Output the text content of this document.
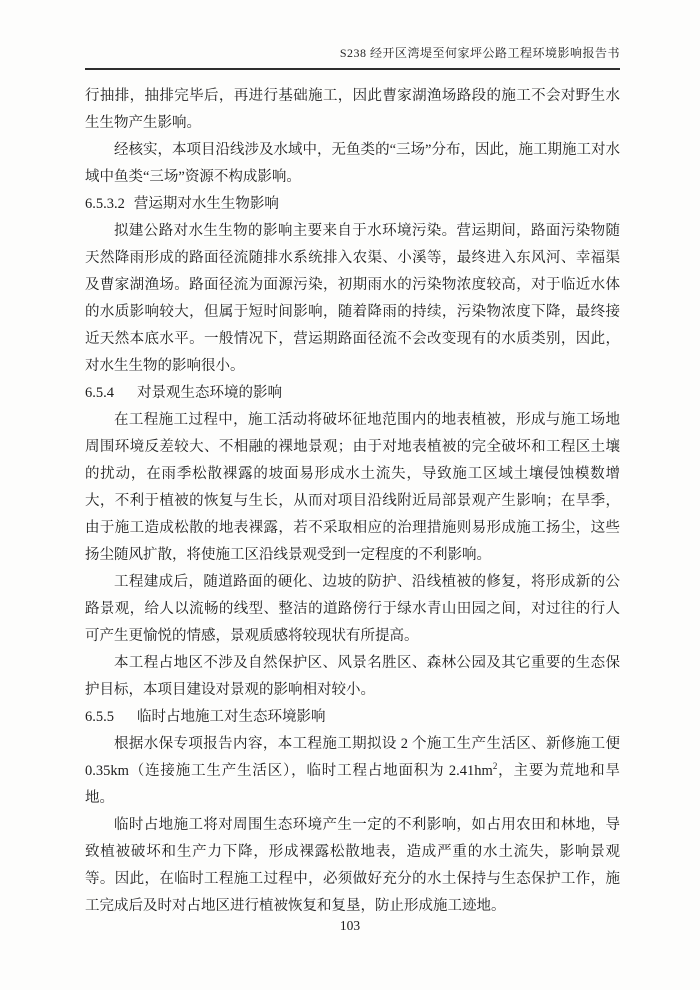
S238 经开区湾堤至何家坪公路工程环境影响报告书

行抽排，抽排完毕后，再进行基础施工，因此曹家湖渔场路段的施工不会对野生水生生物产生影响。

经核实，本项目沿线涉及水域中，无鱼类的“三场”分布，因此，施工期施工对水域中鱼类“三场”资源不构成影响。

6.5.3.2 营运期对水生生物影响

拟建公路对水生生物的影响主要来自于水环境污染。营运期间，路面污染物随天然降雨形成的路面径流随排水系统排入农渠、小溪等，最终进入东风河、幸福渠及曹家湖渔场。路面径流为面源污染，初期雨水的污染物浓度较高，对于临近水体的水质影响较大，但属于短时间影响，随着降雨的持续，污染物浓度下降，最终接近天然本底水平。一般情况下，营运期路面径流不会改变现有的水质类别，因此，对水生生物的影响很小。

6.5.4 对景观生态环境的影响

在工程施工过程中，施工活动将破坏征地范围内的地表植被，形成与施工场地周围环境反差较大、不相融的裸地景观；由于对地表植被的完全破坏和工程区土壤的扰动，在雨季松散裸露的坡面易形成水土流失，导致施工区域土壤侵蚀模数增大，不利于植被的恢复与生长，从而对项目沿线附近局部景观产生影响；在旱季，由于施工造成松散的地表裸露，若不采取相应的治理措施则易形成施工扬尘，这些扬尘随风扩散，将使施工区沿线景观受到一定程度的不利影响。

工程建成后，随道路面的硬化、边坡的防护、沿线植被的修复，将形成新的公路景观，给人以流畅的线型、整洁的道路傍行于绿水青山田园之间，对过往的行人可产生更愉悦的情感，景观质感将较现状有所提高。

本工程占地区不涉及自然保护区、风景名胜区、森林公园及其它重要的生态保护目标，本项目建设对景观的影响相对较小。

6.5.5 临时占地施工对生态环境影响

根据水保专项报告内容，本工程施工期拟设 2 个施工生产生活区、新修施工便0.35km（连接施工生产生活区），临时工程占地面积为 $2.41hm^2$，主要为荒地和旱地。

临时占地施工将对周围生态环境产生一定的不利影响，如占用农田和林地，导致植被破坏和生产力下降，形成裸露松散地表，造成严重的水土流失，影响景观等。因此，在临时工程施工过程中，必须做好充分的水土保持与生态保护工作，施工完成后及时对占地区进行植被恢复和复垦，防止形成施工迹地。

103
